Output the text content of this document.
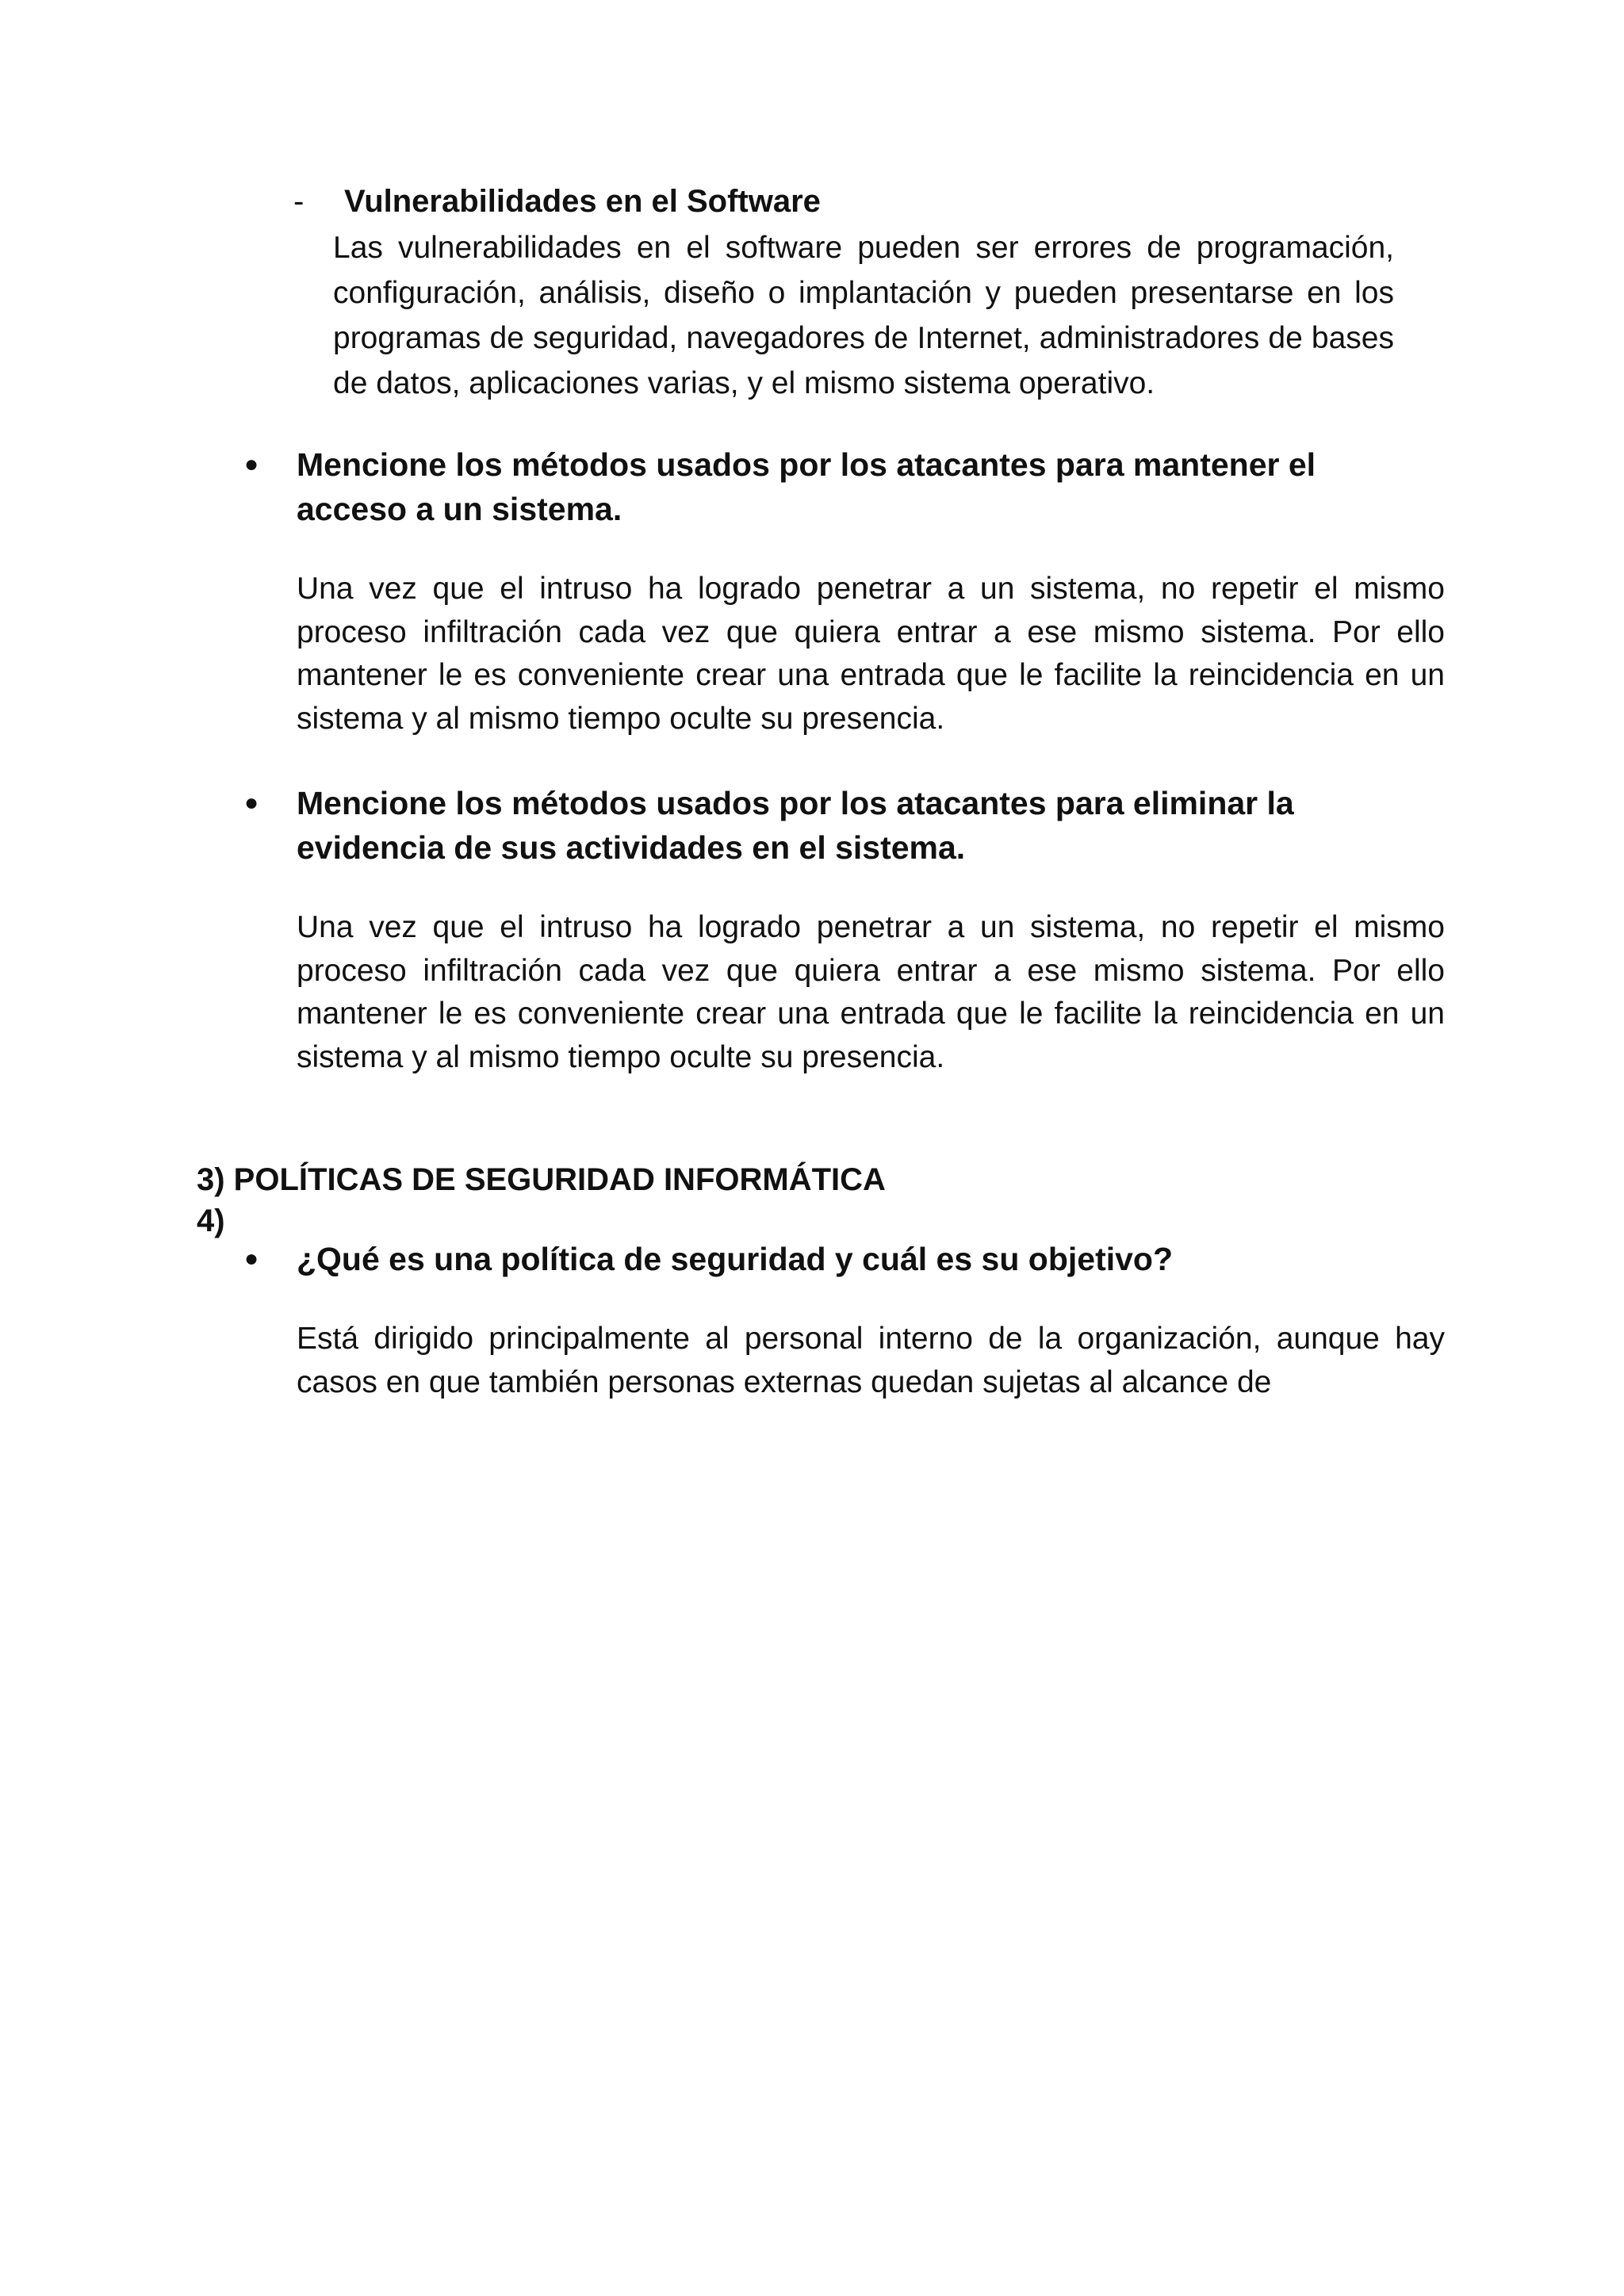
- Vulnerabilidades en el Software
Las vulnerabilidades en el software pueden ser errores de programación, configuración, análisis, diseño o implantación y pueden presentarse en los programas de seguridad, navegadores de Internet, administradores de bases de datos, aplicaciones varias, y el mismo sistema operativo.
● Mencione los métodos usados por los atacantes para mantener el acceso a un sistema.
Una vez que el intruso ha logrado penetrar a un sistema, no repetir el mismo proceso infiltración cada vez que quiera entrar a ese mismo sistema. Por ello mantener le es conveniente crear una entrada que le facilite la reincidencia en un sistema y al mismo tiempo oculte su presencia.
● Mencione los métodos usados por los atacantes para eliminar la evidencia de sus actividades en el sistema.
Una vez que el intruso ha logrado penetrar a un sistema, no repetir el mismo proceso infiltración cada vez que quiera entrar a ese mismo sistema. Por ello mantener le es conveniente crear una entrada que le facilite la reincidencia en un sistema y al mismo tiempo oculte su presencia.
3) POLÍTICAS DE SEGURIDAD INFORMÁTICA
4)
● ¿Qué es una política de seguridad y cuál es su objetivo?
Está dirigido principalmente al personal interno de la organización, aunque hay casos en que también personas externas quedan sujetas al alcance de
